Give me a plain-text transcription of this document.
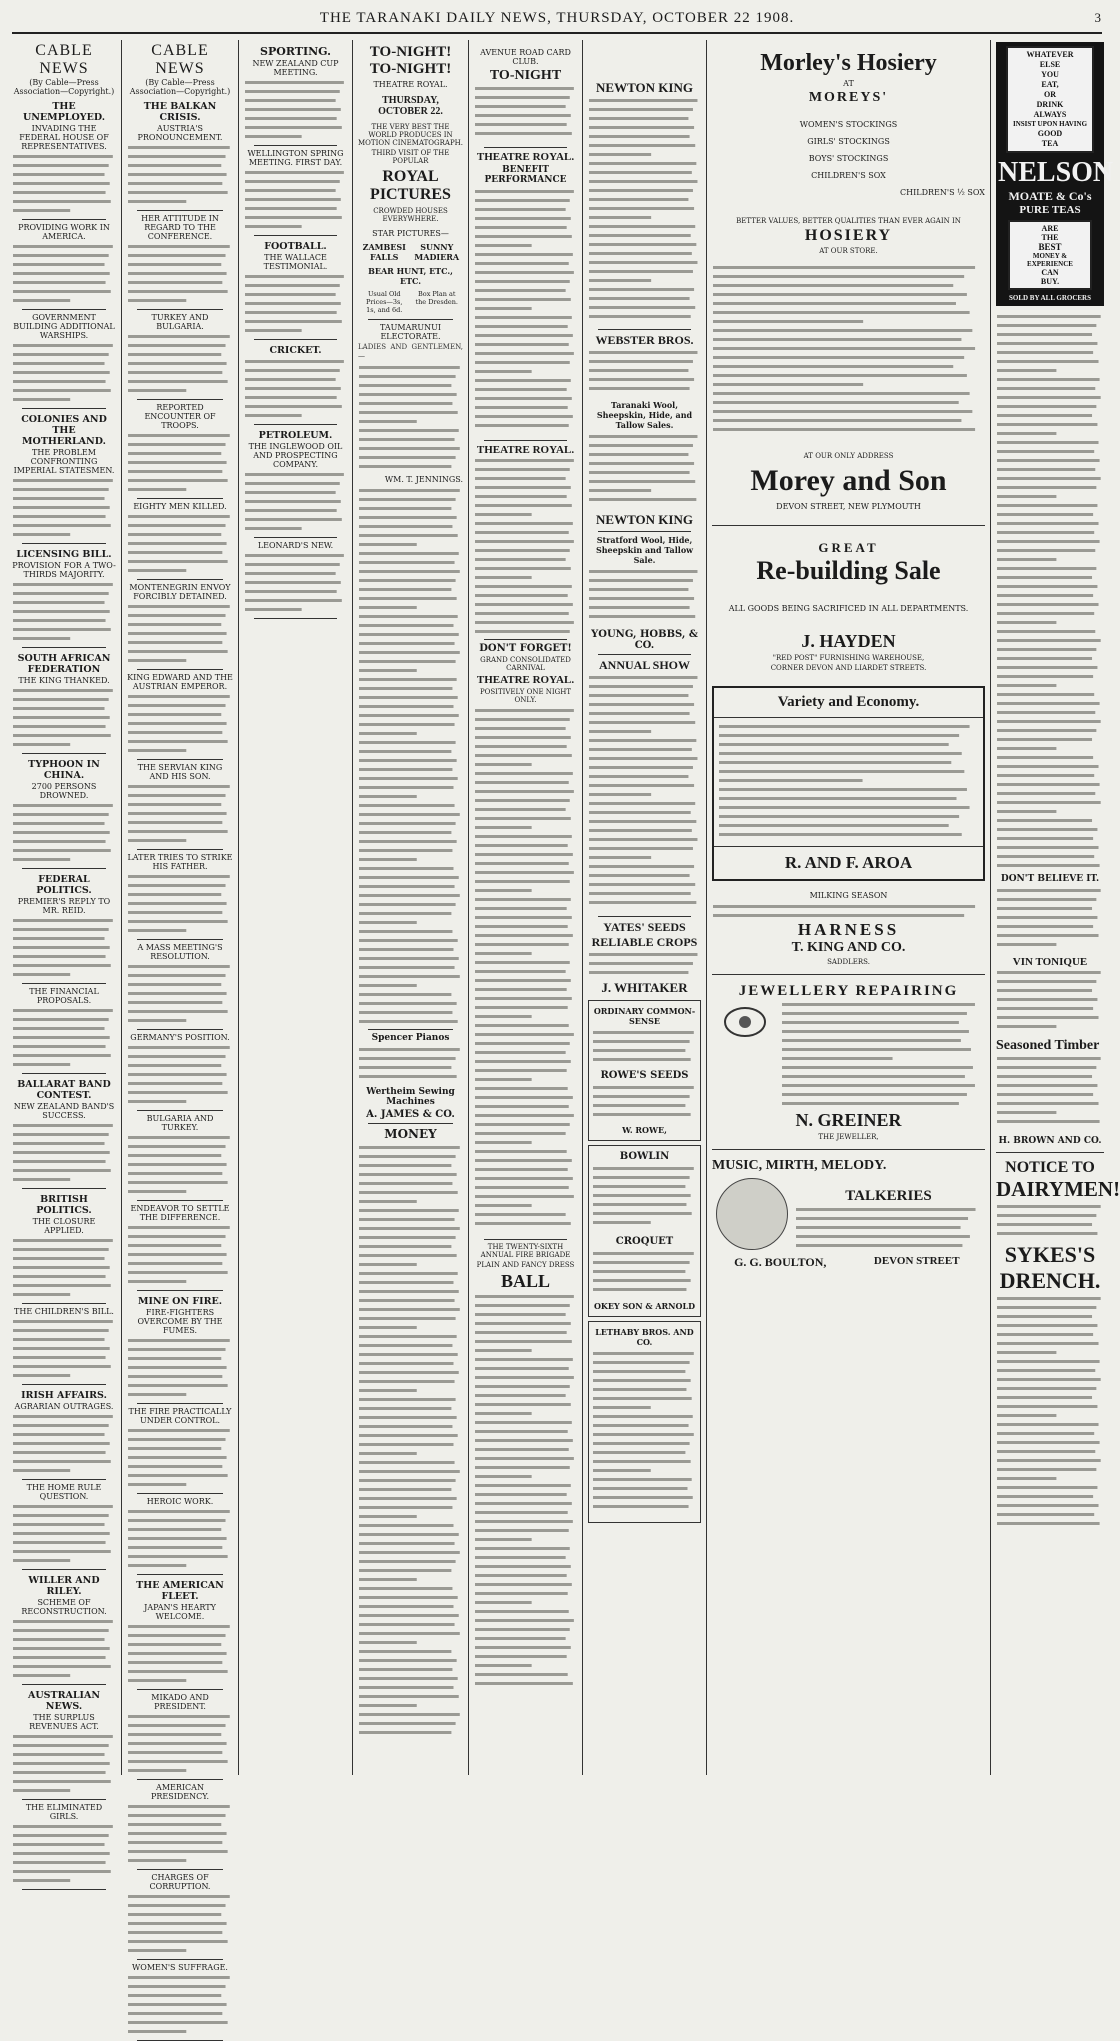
THE TARANAKI DAILY NEWS, THURSDAY, OCTOBER 22 1908.	3
CABLE NEWS
(By Cable—Press Association—Copyright.)
THE UNEMPLOYED.
INVADING THE FEDERAL HOUSE OF REPRESENTATIVES.
PROVIDING WORK IN AMERICA.
GOVERNMENT BUILDING ADDITIONAL WARSHIPS.
COLONIES AND THE MOTHERLAND.
THE PROBLEM CONFRONTING IMPERIAL STATESMEN.
LICENSING BILL.
PROVISION FOR A TWO-THIRDS MAJORITY.
SOUTH AFRICAN FEDERATION
THE KING THANKED.
TYPHOON IN CHINA.
2700 PERSONS DROWNED.
FEDERAL POLITICS.
PREMIER'S REPLY TO MR. REID.
THE FINANCIAL PROPOSALS.
BALLARAT BAND CONTEST.
NEW ZEALAND BAND'S SUCCESS.
BRITISH POLITICS.
THE CLOSURE APPLIED.
THE CHILDREN'S BILL.
IRISH AFFAIRS.
AGRARIAN OUTRAGES.
THE HOME RULE QUESTION.
WILLER AND RILEY.
SCHEME OF RECONSTRUCTION.
AUSTRALIAN NEWS.
THE SURPLUS REVENUES ACT.
THE ELIMINATED GIRLS.
CABLE NEWS
(By Cable—Press Association—Copyright.)
THE BALKAN CRISIS.
AUSTRIA'S PRONOUNCEMENT.
HER ATTITUDE IN REGARD TO THE CONFERENCE.
TURKEY AND BULGARIA.
REPORTED ENCOUNTER OF TROOPS.
EIGHTY MEN KILLED.
MONTENEGRIN ENVOY FORCIBLY DETAINED.
KING EDWARD AND THE AUSTRIAN EMPEROR.
THE SERVIAN KING AND HIS SON.
LATER TRIES TO STRIKE HIS FATHER.
A MASS MEETING'S RESOLUTION.
GERMANY'S POSITION.
BULGARIA AND TURKEY.
ENDEAVOR TO SETTLE THE DIFFERENCE.
MINE ON FIRE.
FIRE-FIGHTERS OVERCOME BY THE FUMES.
THE FIRE PRACTICALLY UNDER CONTROL.
HEROIC WORK.
THE AMERICAN FLEET.
JAPAN'S HEARTY WELCOME.
MIKADO AND PRESIDENT.
AMERICAN PRESIDENCY.
CHARGES OF CORRUPTION.
WOMEN'S SUFFRAGE.
SPORTING.
NEW ZEALAND CUP MEETING.
WELLINGTON SPRING MEETING. FIRST DAY.
FOOTBALL.
THE WALLACE TESTIMONIAL.
CRICKET.
PETROLEUM.
THE INGLEWOOD OIL AND PROSPECTING COMPANY.
LEONARD'S NEW.
TO-NIGHT! TO-NIGHT!
THEATRE ROYAL.
THURSDAY, OCTOBER 22.
THE VERY BEST THE WORLD PRODUCES IN MOTION CINEMATOGRAPH.
THIRD VISIT OF THE POPULAR
ROYAL PICTURES
CROWDED HOUSES EVERYWHERE.
STAR PICTURES—
ZAMBESI FALLS
SUNNY MADIERA
BEAR HUNT, ETC., ETC.
Usual Old Prices—3s, 1s, and 6d.
Box Plan at the Dresden.
TAUMARUNUI ELECTORATE.
LADIES AND GENTLEMEN,—
WM. T. JENNINGS.
Spencer Pianos
Wertheim Sewing Machines
A. JAMES & CO.
MONEY
AVENUE ROAD CARD CLUB.
TO-NIGHT
THEATRE ROYAL.
BENEFIT PERFORMANCE
THEATRE ROYAL.
DON'T FORGET!
GRAND CONSOLIDATED CARNIVAL
THEATRE ROYAL.
POSITIVELY ONE NIGHT ONLY.
THE TWENTY-SIXTH ANNUAL FIRE BRIGADE
PLAIN AND FANCY DRESS
BALL
NEWTON KING
WEBSTER BROS.
Taranaki Wool, Sheepskin, Hide, and Tallow Sales.
NEWTON KING
Stratford Wool, Hide, Sheepskin and Tallow Sale.
YOUNG, HOBBS, & CO.
ANNUAL SHOW
YATES' SEEDS
RELIABLE CROPS
J. WHITAKER
ORDINARY COMMON-SENSE
ROWE'S SEEDS
W. ROWE,
BOWLIN
CROQUET
OKEY SON & ARNOLD
LETHABY BROS. AND CO.
Morley's Hosiery
AT
MOREYS'
WOMEN'S STOCKINGS
GIRLS' STOCKINGS
BOYS' STOCKINGS
CHILDREN'S SOX
CHILDREN'S ½ SOX
BETTER VALUES, BETTER QUALITIES THAN EVER AGAIN IN
HOSIERY
AT OUR STORE.
AT OUR ONLY ADDRESS
Morey and Son
DEVON STREET, NEW PLYMOUTH
GREAT
Re-building Sale
ALL GOODS BEING SACRIFICED IN ALL DEPARTMENTS.
J. HAYDEN
"RED POST" FURNISHING WAREHOUSE,
CORNER DEVON AND LIARDET STREETS.
Variety and Economy.
R. AND F. AROA
MILKING SEASON
HARNESS
T. KING AND CO.
SADDLERS.
JEWELLERY REPAIRING
N. GREINER
THE JEWELLER,
MUSIC, MIRTH, MELODY.
TALKERIES
G. G. BOULTON,	DEVON STREET
WHATEVER
ELSE
YOU
EAT,
OR
DRINK
ALWAYS
INSIST UPON HAVING
GOOD
TEA
NELSON
MOATE & Co's
PURE TEAS
ARE
THE
BEST
MONEY & EXPERIENCE
CAN
BUY.
SOLD BY ALL GROCERS
DON'T BELIEVE IT.
VIN TONIQUE
Seasoned Timber
H. BROWN AND CO.
NOTICE TO
DAIRYMEN!
SYKES'S
DRENCH.
